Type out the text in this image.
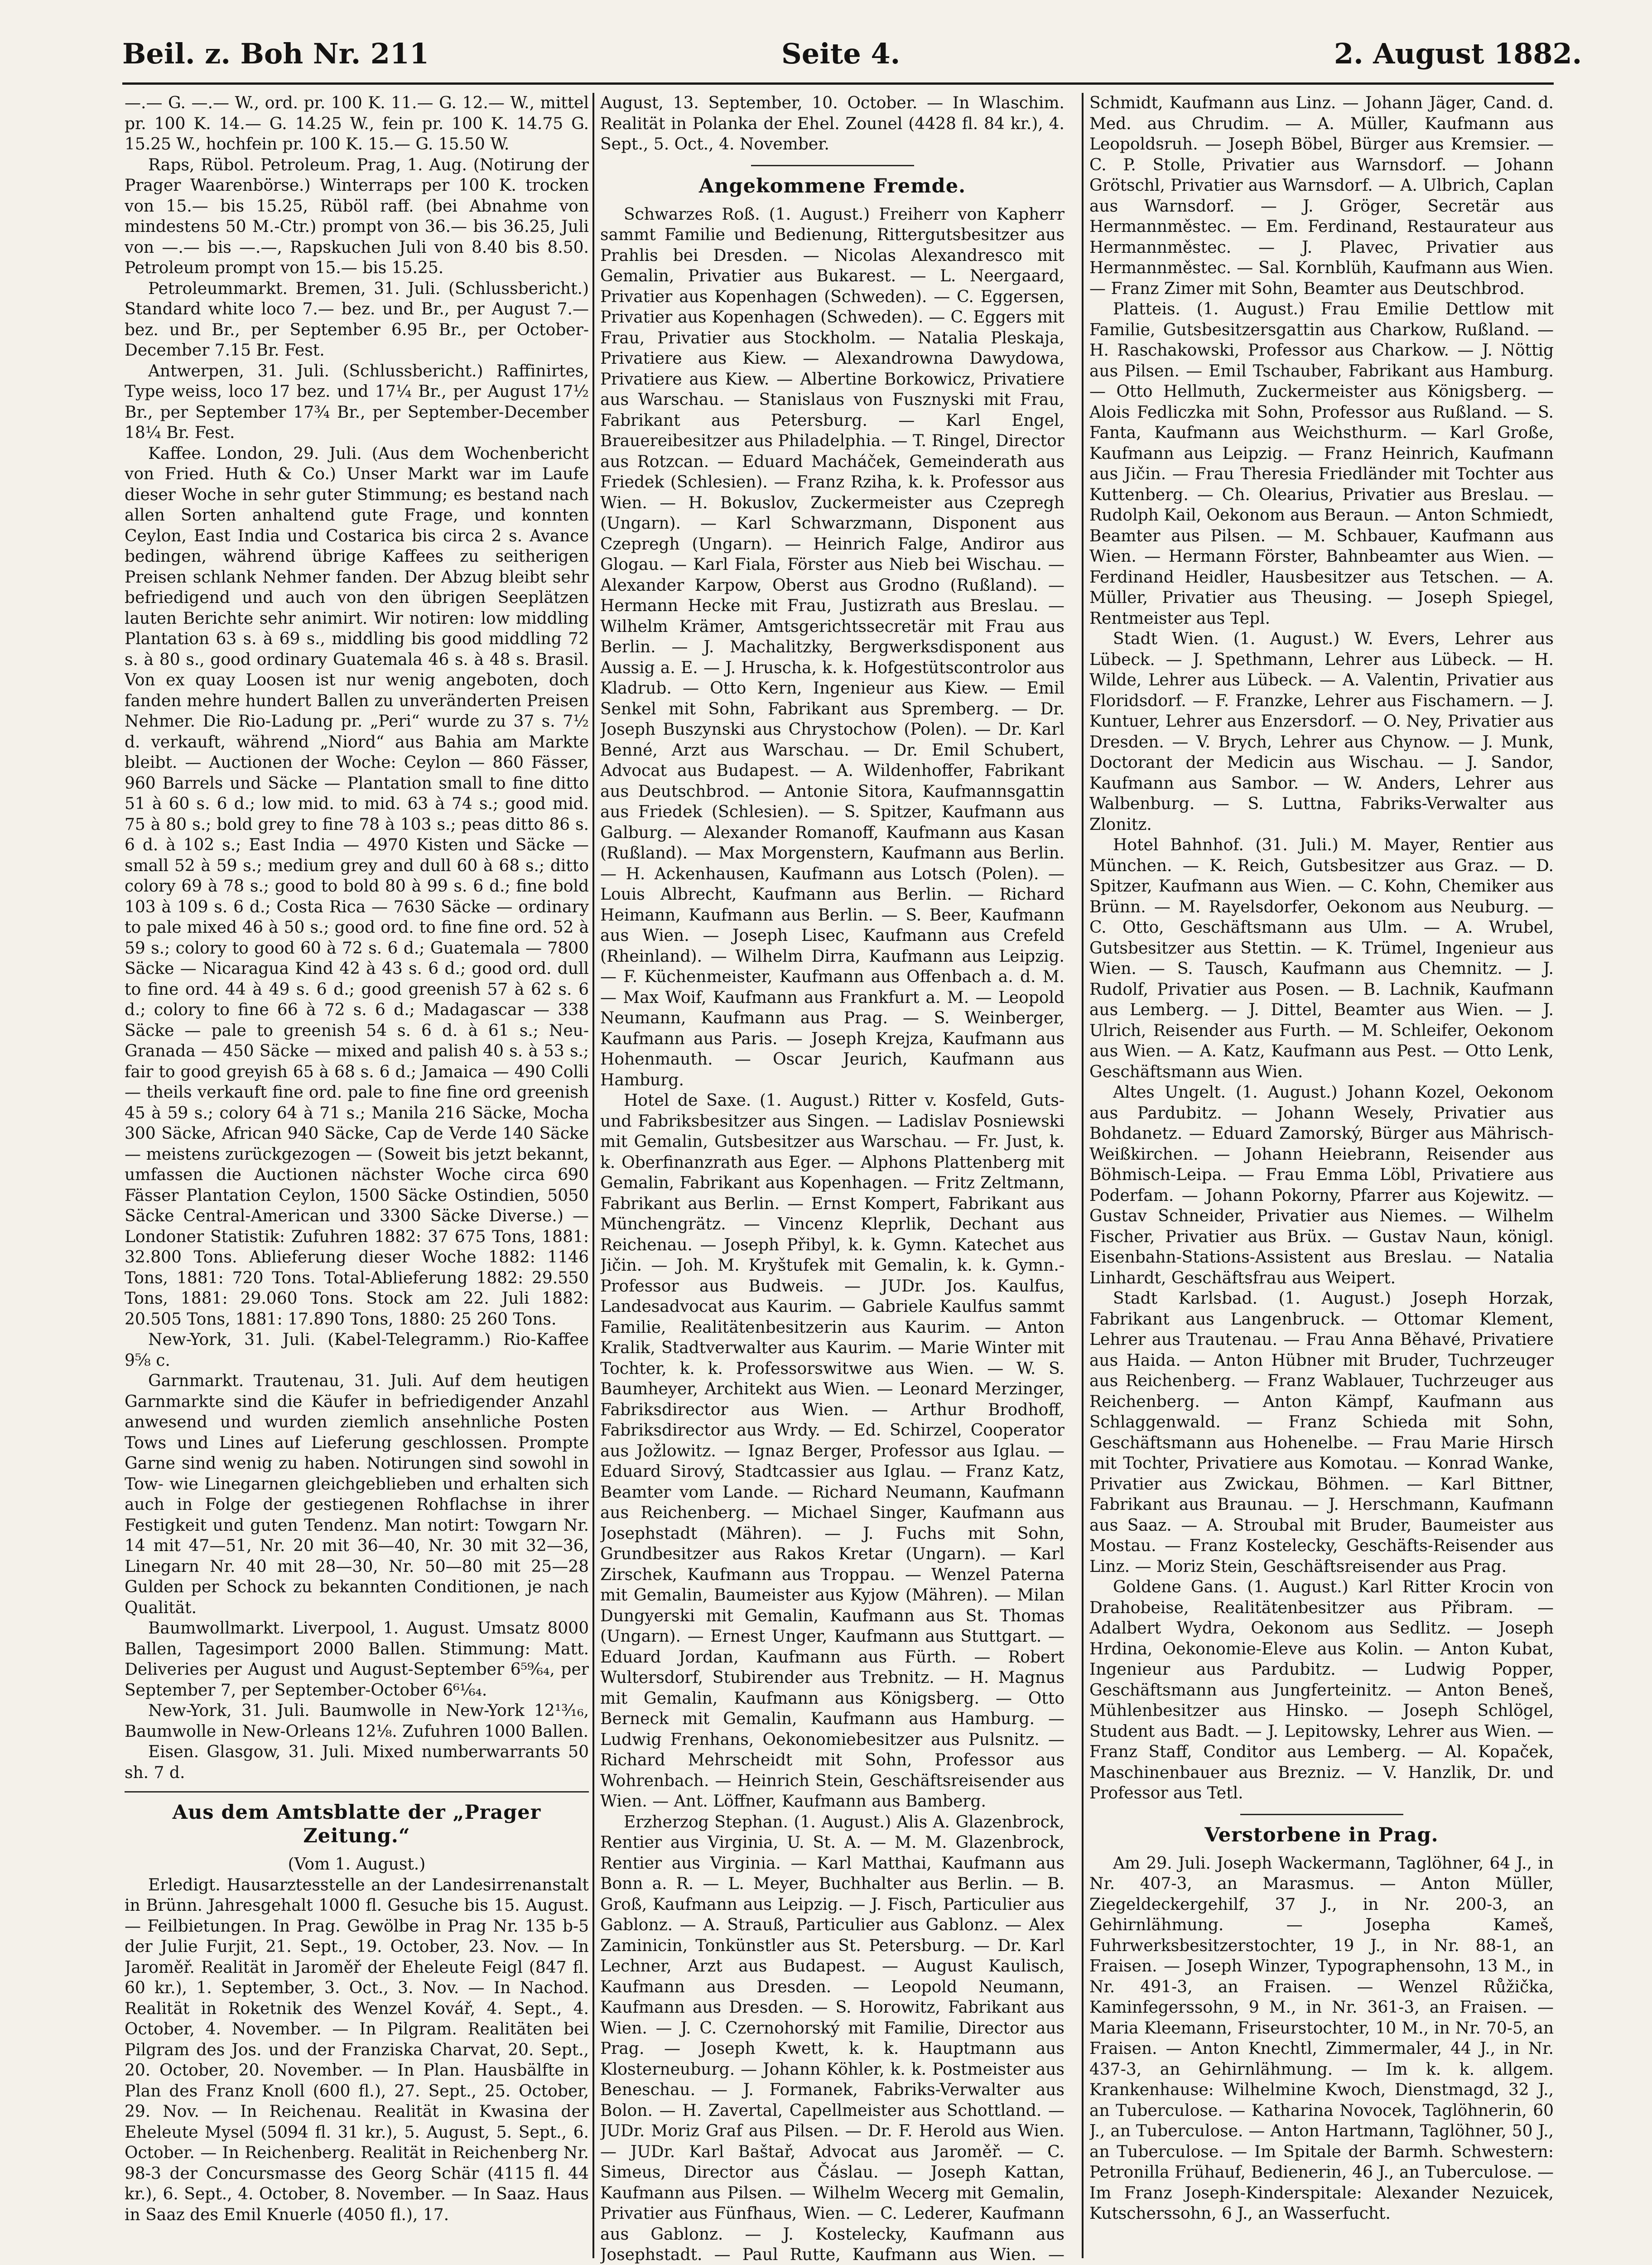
Beil. z. Boh Nr. 211	Seite 4.	2. August 1882.

—.— G. —.— W., ord. pr. 100 K. 11.— G. 12.— W., mittel pr. 100 K. 14.— G. 14.25 W., fein pr. 100 K. 14.75 G. 15.25 W., hochfein pr. 100 K. 15.— G. 15.50 W.

Raps, Rübol. Petroleum. Prag, 1. Aug. (Notirung der Prager Waarenbörse.) Winterraps per 100 K. trocken von 15.— bis 15.25, Rüböl raff. (bei Abnahme von mindestens 50 M.-Ctr.) prompt von 36.— bis 36.25, Juli von —.— bis —.—, Rapskuchen Juli von 8.40 bis 8.50. Petroleum prompt von 15.— bis 15.25.

Petroleummarkt. Bremen, 31. Juli. (Schlussbericht.) Standard white loco 7.— bez. und Br., per August 7.— bez. und Br., per September 6.95 Br., per October-December 7.15 Br. Fest.

Antwerpen, 31. Juli. (Schlussbericht.) Raffinirtes, Type weiss, loco 17 bez. und 17¼ Br., per August 17½ Br., per September 17¾ Br., per September-December 18¼ Br. Fest.

Kaffee. London, 29. Juli. (Aus dem Wochenbericht von Fried. Huth & Co.) Unser Markt war im Laufe dieser Woche in sehr guter Stimmung; es bestand nach allen Sorten anhaltend gute Frage, und konnten Ceylon, East India und Costarica bis circa 2 s. Avance bedingen, während übrige Kaffees zu seitherigen Preisen schlank Nehmer fanden. Der Abzug bleibt sehr befriedigend und auch von den übrigen Seeplätzen lauten Berichte sehr animirt. Wir notiren: low middling Plantation 63 s. à 69 s., middling bis good middling 72 s. à 80 s., good ordinary Guatemala 46 s. à 48 s. Brasil. Von ex quay Loosen ist nur wenig angeboten, doch fanden mehre hundert Ballen zu unveränderten Preisen Nehmer. Die Rio-Ladung pr. „Peri“ wurde zu 37 s. 7½ d. verkauft, während „Niord“ aus Bahia am Markte bleibt. — Auctionen der Woche: Ceylon — 860 Fässer, 960 Barrels und Säcke — Plantation small to fine ditto 51 à 60 s. 6 d.; low mid. to mid. 63 à 74 s.; good mid. 75 à 80 s.; bold grey to fine 78 à 103 s.; peas ditto 86 s. 6 d. à 102 s.; East India — 4970 Kisten und Säcke — small 52 à 59 s.; medium grey and dull 60 à 68 s.; ditto colory 69 à 78 s.; good to bold 80 à 99 s. 6 d.; fine bold 103 à 109 s. 6 d.; Costa Rica — 7630 Säcke — ordinary to pale mixed 46 à 50 s.; good ord. to fine fine ord. 52 à 59 s.; colory to good 60 à 72 s. 6 d.; Guatemala — 7800 Säcke — Nicaragua Kind 42 à 43 s. 6 d.; good ord. dull to fine ord. 44 à 49 s. 6 d.; good greenish 57 à 62 s. 6 d.; colory to fine 66 à 72 s. 6 d.; Madagascar — 338 Säcke — pale to greenish 54 s. 6 d. à 61 s.; Neu-Granada — 450 Säcke — mixed and palish 40 s. à 53 s.; fair to good greyish 65 à 68 s. 6 d.; Jamaica — 490 Colli — theils verkauft fine ord. pale to fine fine ord greenish 45 à 59 s.; colory 64 à 71 s.; Manila 216 Säcke, Mocha 300 Säcke, African 940 Säcke, Cap de Verde 140 Säcke — meistens zurückgezogen — (Soweit bis jetzt bekannt, umfassen die Auctionen nächster Woche circa 690 Fässer Plantation Ceylon, 1500 Säcke Ostindien, 5050 Säcke Central-American und 3300 Säcke Diverse.) — Londoner Statistik: Zufuhren 1882: 37 675 Tons, 1881: 32.800 Tons. Ablieferung dieser Woche 1882: 1146 Tons, 1881: 720 Tons. Total-Ablieferung 1882: 29.550 Tons, 1881: 29.060 Tons. Stock am 22. Juli 1882: 20.505 Tons, 1881: 17.890 Tons, 1880: 25 260 Tons.

New-York, 31. Juli. (Kabel-Telegramm.) Rio-Kaffee 9⅝ c.

Garnmarkt. Trautenau, 31. Juli. Auf dem heutigen Garnmarkte sind die Käufer in befriedigender Anzahl anwesend und wurden ziemlich ansehnliche Posten Tows und Lines auf Lieferung geschlossen. Prompte Garne sind wenig zu haben. Notirungen sind sowohl in Tow- wie Linegarnen gleichgeblieben und erhalten sich auch in Folge der gestiegenen Rohflachse in ihrer Festigkeit und guten Tendenz. Man notirt: Towgarn Nr. 14 mit 47—51, Nr. 20 mit 36—40, Nr. 30 mit 32—36, Linegarn Nr. 40 mit 28—30, Nr. 50—80 mit 25—28 Gulden per Schock zu bekannten Conditionen, je nach Qualität.

Baumwollmarkt. Liverpool, 1. August. Umsatz 8000 Ballen, Tagesimport 2000 Ballen. Stimmung: Matt. Deliveries per August und August-September 6⁵⁹⁄₆₄, per September 7, per September-October 6⁶¹⁄₆₄.

New-York, 31. Juli. Baumwolle in New-York 12¹³⁄₁₆, Baumwolle in New-Orleans 12⅛. Zufuhren 1000 Ballen.

Eisen. Glasgow, 31. Juli. Mixed numberwarrants 50 sh. 7 d.

Aus dem Amtsblatte der „Prager Zeitung.“
(Vom 1. August.)

Erledigt. Hausarztesstelle an der Landesirrenanstalt in Brünn. Jahresgehalt 1000 fl. Gesuche bis 15. August. — Feilbietungen. In Prag. Gewölbe in Prag Nr. 135 b-5 der Julie Furjit, 21. Sept., 19. October, 23. Nov. — In Jaroměř. Realität in Jaroměř der Eheleute Feigl (847 fl. 60 kr.), 1. September, 3. Oct., 3. Nov. — In Nachod. Realität in Roketnik des Wenzel Kovář, 4. Sept., 4. October, 4. November. — In Pilgram. Realitäten bei Pilgram des Jos. und der Franziska Charvat, 20. Sept., 20. October, 20. November. — In Plan. Hausbälfte in Plan des Franz Knoll (600 fl.), 27. Sept., 25. October, 29. Nov. — In Reichenau. Realität in Kwasina der Eheleute Mysel (5094 fl. 31 kr.), 5. August, 5. Sept., 6. October. — In Reichenberg. Realität in Reichenberg Nr. 98-3 der Concursmasse des Georg Schär (4115 fl. 44 kr.), 6. Sept., 4. October, 8. November. — In Saaz. Haus in Saaz des Emil Knuerle (4050 fl.), 17.

August, 13. September, 10. October. — In Wlaschim. Realität in Polanka der Ehel. Zounel (4428 fl. 84 kr.), 4. Sept., 5. Oct., 4. November.

Angekommene Fremde.

Schwarzes Roß. (1. August.) Freiherr von Kapherr sammt Familie und Bedienung, Rittergutsbesitzer aus Prahlis bei Dresden. — Nicolas Alexandresco mit Gemalin, Privatier aus Bukarest. — L. Neergaard, Privatier aus Kopenhagen (Schweden). — C. Eggersen, Privatier aus Kopenhagen (Schweden). — C. Eggers mit Frau, Privatier aus Stockholm. — Natalia Pleskaja, Privatiere aus Kiew. — Alexandrowna Dawydowa, Privatiere aus Kiew. — Albertine Borkowicz, Privatiere aus Warschau. — Stanislaus von Fusznyski mit Frau, Fabrikant aus Petersburg. — Karl Engel, Brauereibesitzer aus Philadelphia. — T. Ringel, Director aus Rotzcan. — Eduard Macháček, Gemeinderath aus Friedek (Schlesien). — Franz Rziha, k. k. Professor aus Wien. — H. Bokuslov, Zuckermeister aus Czepregh (Ungarn). — Karl Schwarzmann, Disponent aus Czepregh (Ungarn). — Heinrich Falge, Andiror aus Glogau. — Karl Fiala, Förster aus Nieb bei Wischau. — Alexander Karpow, Oberst aus Grodno (Rußland). — Hermann Hecke mit Frau, Justizrath aus Breslau. — Wilhelm Krämer, Amtsgerichtssecretär mit Frau aus Berlin. — J. Machalitzky, Bergwerksdisponent aus Aussig a. E. — J. Hruscha, k. k. Hofgestütscontrolor aus Kladrub. — Otto Kern, Ingenieur aus Kiew. — Emil Senkel mit Sohn, Fabrikant aus Spremberg. — Dr. Joseph Buszynski aus Chrystochow (Polen). — Dr. Karl Benné, Arzt aus Warschau. — Dr. Emil Schubert, Advocat aus Budapest. — A. Wildenhoffer, Fabrikant aus Deutschbrod. — Antonie Sitora, Kaufmannsgattin aus Friedek (Schlesien). — S. Spitzer, Kaufmann aus Galburg. — Alexander Romanoff, Kaufmann aus Kasan (Rußland). — Max Morgenstern, Kaufmann aus Berlin. — H. Ackenhausen, Kaufmann aus Lotsch (Polen). — Louis Albrecht, Kaufmann aus Berlin. — Richard Heimann, Kaufmann aus Berlin. — S. Beer, Kaufmann aus Wien. — Joseph Lisec, Kaufmann aus Crefeld (Rheinland). — Wilhelm Dirra, Kaufmann aus Leipzig. — F. Küchenmeister, Kaufmann aus Offenbach a. d. M. — Max Woif, Kaufmann aus Frankfurt a. M. — Leopold Neumann, Kaufmann aus Prag. — S. Weinberger, Kaufmann aus Paris. — Joseph Krejza, Kaufmann aus Hohenmauth. — Oscar Jeurich, Kaufmann aus Hamburg.

Hotel de Saxe. (1. August.) Ritter v. Kosfeld, Guts- und Fabriksbesitzer aus Singen. — Ladislav Posniewski mit Gemalin, Gutsbesitzer aus Warschau. — Fr. Just, k. k. Oberfinanzrath aus Eger. — Alphons Plattenberg mit Gemalin, Fabrikant aus Kopenhagen. — Fritz Zeltmann, Fabrikant aus Berlin. — Ernst Kompert, Fabrikant aus Münchengrätz. — Vincenz Kleprlik, Dechant aus Reichenau. — Joseph Přibyl, k. k. Gymn. Katechet aus Jičin. — Joh. M. Kryštufek mit Gemalin, k. k. Gymn.-Professor aus Budweis. — JUDr. Jos. Kaulfus, Landesadvocat aus Kaurim. — Gabriele Kaulfus sammt Familie, Realitätenbesitzerin aus Kaurim. — Anton Kralik, Stadtverwalter aus Kaurim. — Marie Winter mit Tochter, k. k. Professorswitwe aus Wien. — W. S. Baumheyer, Architekt aus Wien. — Leonard Merzinger, Fabriksdirector aus Wien. — Arthur Brodhoff, Fabriksdirector aus Wrdy. — Ed. Schirzel, Cooperator aus Jožlowitz. — Ignaz Berger, Professor aus Iglau. — Eduard Sirový, Stadtcassier aus Iglau. — Franz Katz, Beamter vom Lande. — Richard Neumann, Kaufmann aus Reichenberg. — Michael Singer, Kaufmann aus Josephstadt (Mähren). — J. Fuchs mit Sohn, Grundbesitzer aus Rakos Kretar (Ungarn). — Karl Zirschek, Kaufmann aus Troppau. — Wenzel Paterna mit Gemalin, Baumeister aus Kyjow (Mähren). — Milan Dungyerski mit Gemalin, Kaufmann aus St. Thomas (Ungarn). — Ernest Unger, Kaufmann aus Stuttgart. — Eduard Jordan, Kaufmann aus Fürth. — Robert Wultersdorf, Stubirender aus Trebnitz. — H. Magnus mit Gemalin, Kaufmann aus Königsberg. — Otto Berneck mit Gemalin, Kaufmann aus Hamburg. — Ludwig Frenhans, Oekonomiebesitzer aus Pulsnitz. — Richard Mehrscheidt mit Sohn, Professor aus Wohrenbach. — Heinrich Stein, Geschäftsreisender aus Wien. — Ant. Löffner, Kaufmann aus Bamberg.

Erzherzog Stephan. (1. August.) Alis A. Glazenbrock, Rentier aus Virginia, U. St. A. — M. M. Glazenbrock, Rentier aus Virginia. — Karl Matthai, Kaufmann aus Bonn a. R. — L. Meyer, Buchhalter aus Berlin. — B. Groß, Kaufmann aus Leipzig. — J. Fisch, Particulier aus Gablonz. — A. Strauß, Particulier aus Gablonz. — Alex Zaminicin, Tonkünstler aus St. Petersburg. — Dr. Karl Lechner, Arzt aus Budapest. — August Kaulisch, Kaufmann aus Dresden. — Leopold Neumann, Kaufmann aus Dresden. — S. Horowitz, Fabrikant aus Wien. — J. C. Czernohorský mit Familie, Director aus Prag. — Joseph Kwett, k. k. Hauptmann aus Klosterneuburg. — Johann Köhler, k. k. Postmeister aus Beneschau. — J. Formanek, Fabriks-Verwalter aus Bolon. — H. Zavertal, Capellmeister aus Schottland. — JUDr. Moriz Graf aus Pilsen. — Dr. F. Herold aus Wien. — JUDr. Karl Baštař, Advocat aus Jaroměř. — C. Simeus, Director aus Čáslau. — Joseph Kattan, Kaufmann aus Pilsen. — Wilhelm Wecerg mit Gemalin, Privatier aus Fünfhaus, Wien. — C. Lederer, Kaufmann aus Gablonz. — J. Kostelecky, Kaufmann aus Josephstadt. — Paul Rutte, Kaufmann aus Wien. —

Schmidt, Kaufmann aus Linz. — Johann Jäger, Cand. d. Med. aus Chrudim. — A. Müller, Kaufmann aus Leopoldsruh. — Joseph Böbel, Bürger aus Kremsier. — C. P. Stolle, Privatier aus Warnsdorf. — Johann Grötschl, Privatier aus Warnsdorf. — A. Ulbrich, Caplan aus Warnsdorf. — J. Gröger, Secretär aus Hermannměstec. — Em. Ferdinand, Restaurateur aus Hermannměstec. — J. Plavec, Privatier aus Hermannměstec. — Sal. Kornblüh, Kaufmann aus Wien. — Franz Zimer mit Sohn, Beamter aus Deutschbrod.

Platteis. (1. August.) Frau Emilie Dettlow mit Familie, Gutsbesitzersgattin aus Charkow, Rußland. — H. Raschakowski, Professor aus Charkow. — J. Nöttig aus Pilsen. — Emil Tschauber, Fabrikant aus Hamburg. — Otto Hellmuth, Zuckermeister aus Königsberg. — Alois Fedliczka mit Sohn, Professor aus Rußland. — S. Fanta, Kaufmann aus Weichsthurm. — Karl Große, Kaufmann aus Leipzig. — Franz Heinrich, Kaufmann aus Jičin. — Frau Theresia Friedländer mit Tochter aus Kuttenberg. — Ch. Olearius, Privatier aus Breslau. — Rudolph Kail, Oekonom aus Beraun. — Anton Schmiedt, Beamter aus Pilsen. — M. Schbauer, Kaufmann aus Wien. — Hermann Förster, Bahnbeamter aus Wien. — Ferdinand Heidler, Hausbesitzer aus Tetschen. — A. Müller, Privatier aus Theusing. — Joseph Spiegel, Rentmeister aus Tepl.

Stadt Wien. (1. August.) W. Evers, Lehrer aus Lübeck. — J. Spethmann, Lehrer aus Lübeck. — H. Wilde, Lehrer aus Lübeck. — A. Valentin, Privatier aus Floridsdorf. — F. Franzke, Lehrer aus Fischamern. — J. Kuntuer, Lehrer aus Enzersdorf. — O. Ney, Privatier aus Dresden. — V. Brych, Lehrer aus Chynow. — J. Munk, Doctorant der Medicin aus Wischau. — J. Sandor, Kaufmann aus Sambor. — W. Anders, Lehrer aus Walbenburg. — S. Luttna, Fabriks-Verwalter aus Zlonitz.

Hotel Bahnhof. (31. Juli.) M. Mayer, Rentier aus München. — K. Reich, Gutsbesitzer aus Graz. — D. Spitzer, Kaufmann aus Wien. — C. Kohn, Chemiker aus Brünn. — M. Rayelsdorfer, Oekonom aus Neuburg. — C. Otto, Geschäftsmann aus Ulm. — A. Wrubel, Gutsbesitzer aus Stettin. — K. Trümel, Ingenieur aus Wien. — S. Tausch, Kaufmann aus Chemnitz. — J. Rudolf, Privatier aus Posen. — B. Lachnik, Kaufmann aus Lemberg. — J. Dittel, Beamter aus Wien. — J. Ulrich, Reisender aus Furth. — M. Schleifer, Oekonom aus Wien. — A. Katz, Kaufmann aus Pest. — Otto Lenk, Geschäftsmann aus Wien.

Altes Ungelt. (1. August.) Johann Kozel, Oekonom aus Pardubitz. — Johann Wesely, Privatier aus Bohdanetz. — Eduard Zamorský, Bürger aus Mährisch-Weißkirchen. — Johann Heiebrann, Reisender aus Böhmisch-Leipa. — Frau Emma Löbl, Privatiere aus Poderfam. — Johann Pokorny, Pfarrer aus Kojewitz. — Gustav Schneider, Privatier aus Niemes. — Wilhelm Fischer, Privatier aus Brüx. — Gustav Naun, königl. Eisenbahn-Stations-Assistent aus Breslau. — Natalia Linhardt, Geschäftsfrau aus Weipert.

Stadt Karlsbad. (1. August.) Joseph Horzak, Fabrikant aus Langenbruck. — Ottomar Klement, Lehrer aus Trautenau. — Frau Anna Běhavé, Privatiere aus Haida. — Anton Hübner mit Bruder, Tuchrzeuger aus Reichenberg. — Franz Wablauer, Tuchrzeuger aus Reichenberg. — Anton Kämpf, Kaufmann aus Schlaggenwald. — Franz Schieda mit Sohn, Geschäftsmann aus Hohenelbe. — Frau Marie Hirsch mit Tochter, Privatiere aus Komotau. — Konrad Wanke, Privatier aus Zwickau, Böhmen. — Karl Bittner, Fabrikant aus Braunau. — J. Herschmann, Kaufmann aus Saaz. — A. Stroubal mit Bruder, Baumeister aus Mostau. — Franz Kostelecky, Geschäfts-Reisender aus Linz. — Moriz Stein, Geschäftsreisender aus Prag.

Goldene Gans. (1. August.) Karl Ritter Krocin von Drahobeise, Realitätenbesitzer aus Přibram. — Adalbert Wydra, Oekonom aus Sedlitz. — Joseph Hrdina, Oekonomie-Eleve aus Kolin. — Anton Kubat, Ingenieur aus Pardubitz. — Ludwig Popper, Geschäftsmann aus Jungferteinitz. — Anton Beneš, Mühlenbesitzer aus Hinsko. — Joseph Schlögel, Student aus Badt. — J. Lepitowsky, Lehrer aus Wien. — Franz Staff, Conditor aus Lemberg. — Al. Kopaček, Maschinenbauer aus Brezniz. — V. Hanzlik, Dr. und Professor aus Tetl.

Verstorbene in Prag.

Am 29. Juli. Joseph Wackermann, Taglöhner, 64 J., in Nr. 407-3, an Marasmus. — Anton Müller, Ziegeldeckergehilf, 37 J., in Nr. 200-3, an Gehirnlähmung. — Josepha Kameš, Fuhrwerksbesitzerstochter, 19 J., in Nr. 88-1, an Fraisen. — Joseph Winzer, Typographensohn, 13 M., in Nr. 491-3, an Fraisen. — Wenzel Růžička, Kaminfegerssohn, 9 M., in Nr. 361-3, an Fraisen. — Maria Kleemann, Friseurstochter, 10 M., in Nr. 70-5, an Fraisen. — Anton Knechtl, Zimmermaler, 44 J., in Nr. 437-3, an Gehirnlähmung. — Im k. k. allgem. Krankenhause: Wilhelmine Kwoch, Dienstmagd, 32 J., an Tuberculose. — Katharina Novocek, Taglöhnerin, 60 J., an Tuberculose. — Anton Hartmann, Taglöhner, 50 J., an Tuberculose. — Im Spitale der Barmh. Schwestern: Petronilla Frühauf, Bedienerin, 46 J., an Tuberculose. — Im Franz Joseph-Kinderspitale: Alexander Nezuicek, Kutscherssohn, 6 J., an Wasserfucht.
